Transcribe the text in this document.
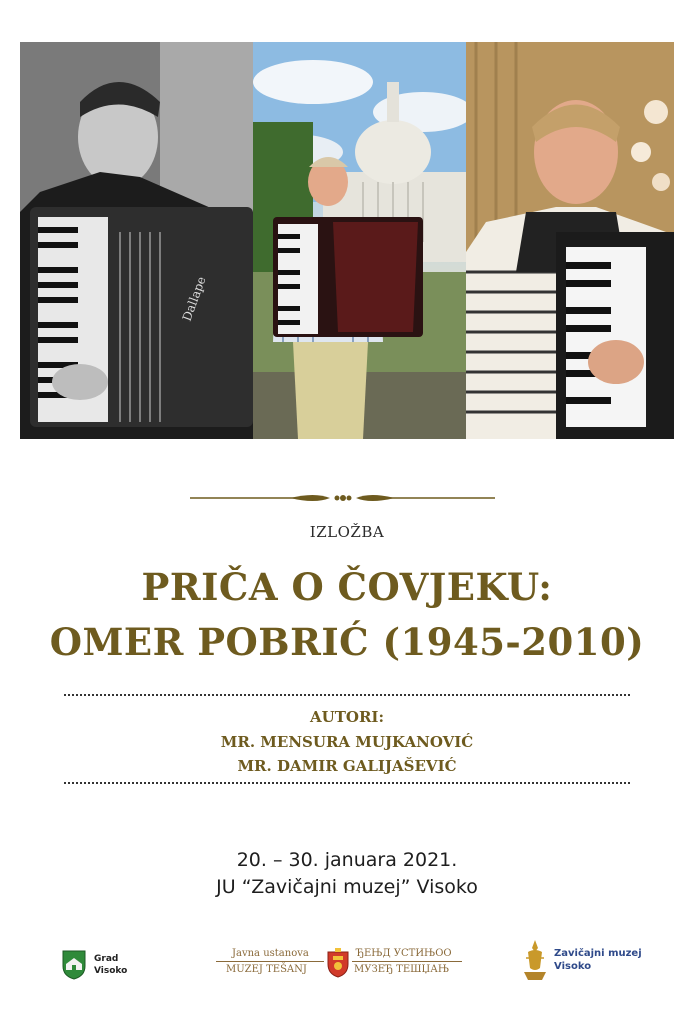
Dallape
IZLOŽBA
PRIČA O ČOVJEKU:
OMER POBRIĆ (1945-2010)
AUTORI:
MR. MENSURA MUJKANOVIĆ
MR. DAMIR GALIJAŠEVIĆ
20. – 30. januara 2021.
JU “Zavičajni muzej” Visoko
Grad
Visoko
Javna ustanova
MUZEJ TEŠANJ
ЂEЊД УСТИЊОО
МУЗЕЂ ТЕШЏАЊ
Zavičajni muzej
Visoko
